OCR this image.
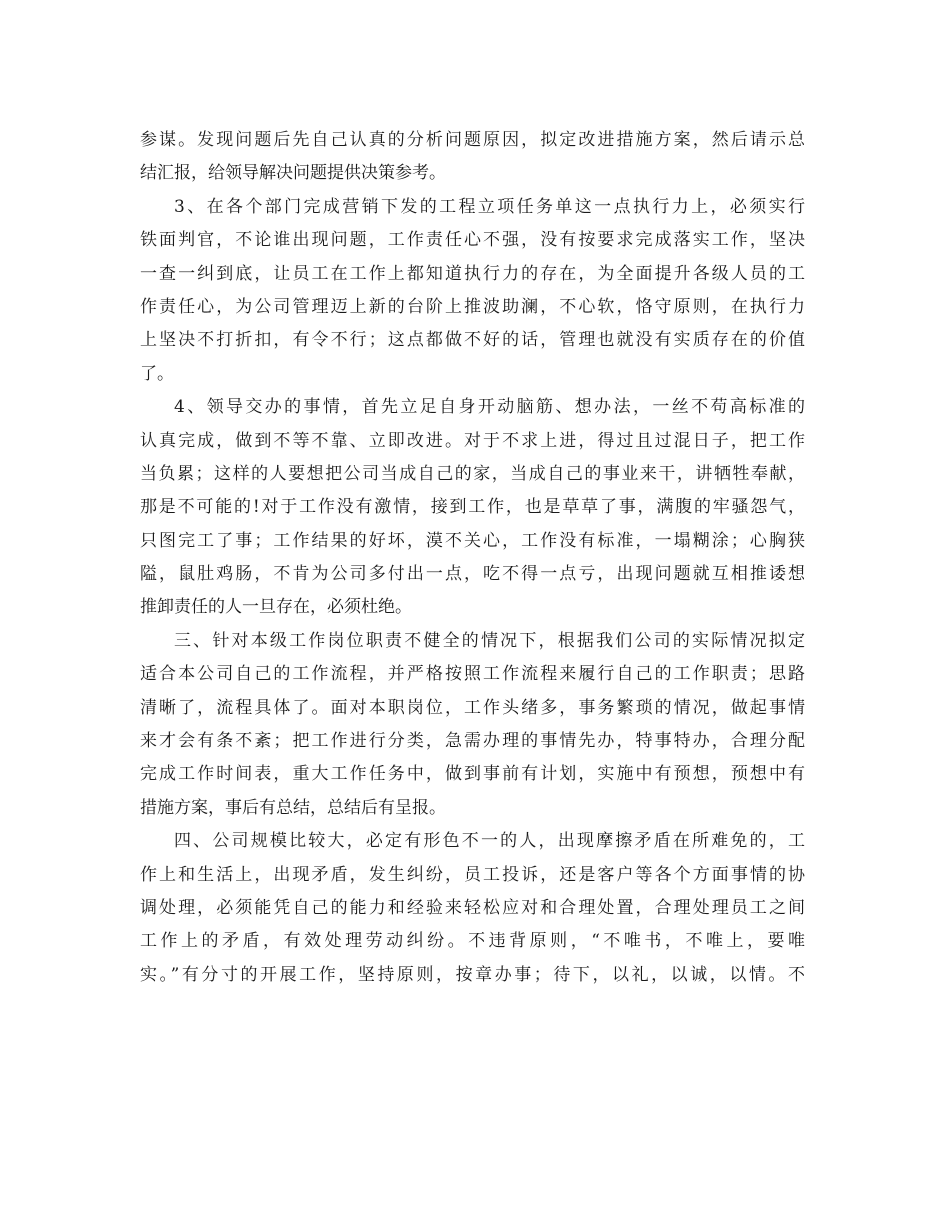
参谋。发现问题后先自己认真的分析问题原因，拟定改进措施方案，然后请示总
结汇报，给领导解决问题提供决策参考。
3、在各个部门完成营销下发的工程立项任务单这一点执行力上，必须实行
铁面判官，不论谁出现问题，工作责任心不强，没有按要求完成落实工作，坚决
一查一纠到底，让员工在工作上都知道执行力的存在，为全面提升各级人员的工
作责任心，为公司管理迈上新的台阶上推波助澜，不心软，恪守原则，在执行力
上坚决不打折扣，有令不行；这点都做不好的话，管理也就没有实质存在的价值
了。
4、领导交办的事情，首先立足自身开动脑筋、想办法，一丝不苟高标准的
认真完成，做到不等不靠、立即改进。对于不求上进，得过且过混日子，把工作
当负累；这样的人要想把公司当成自己的家，当成自己的事业来干，讲牺牲奉献，
那是不可能的!对于工作没有激情，接到工作，也是草草了事，满腹的牢骚怨气，
只图完工了事；工作结果的好坏，漠不关心，工作没有标准，一塌糊涂；心胸狭
隘，鼠肚鸡肠，不肯为公司多付出一点，吃不得一点亏，出现问题就互相推诿想
推卸责任的人一旦存在，必须杜绝。
三、针对本级工作岗位职责不健全的情况下，根据我们公司的实际情况拟定
适合本公司自己的工作流程，并严格按照工作流程来履行自己的工作职责；思路
清晰了，流程具体了。面对本职岗位，工作头绪多，事务繁琐的情况，做起事情
来才会有条不紊；把工作进行分类，急需办理的事情先办，特事特办，合理分配
完成工作时间表，重大工作任务中，做到事前有计划，实施中有预想，预想中有
措施方案，事后有总结，总结后有呈报。
四、公司规模比较大，必定有形色不一的人，出现摩擦矛盾在所难免的，工
作上和生活上，出现矛盾，发生纠纷，员工投诉，还是客户等各个方面事情的协
调处理，必须能凭自己的能力和经验来轻松应对和合理处置，合理处理员工之间
工作上的矛盾，有效处理劳动纠纷。不违背原则，“不唯书，不唯上，要唯
实。”有分寸的开展工作，坚持原则，按章办事；待下，以礼，以诚，以情。不
